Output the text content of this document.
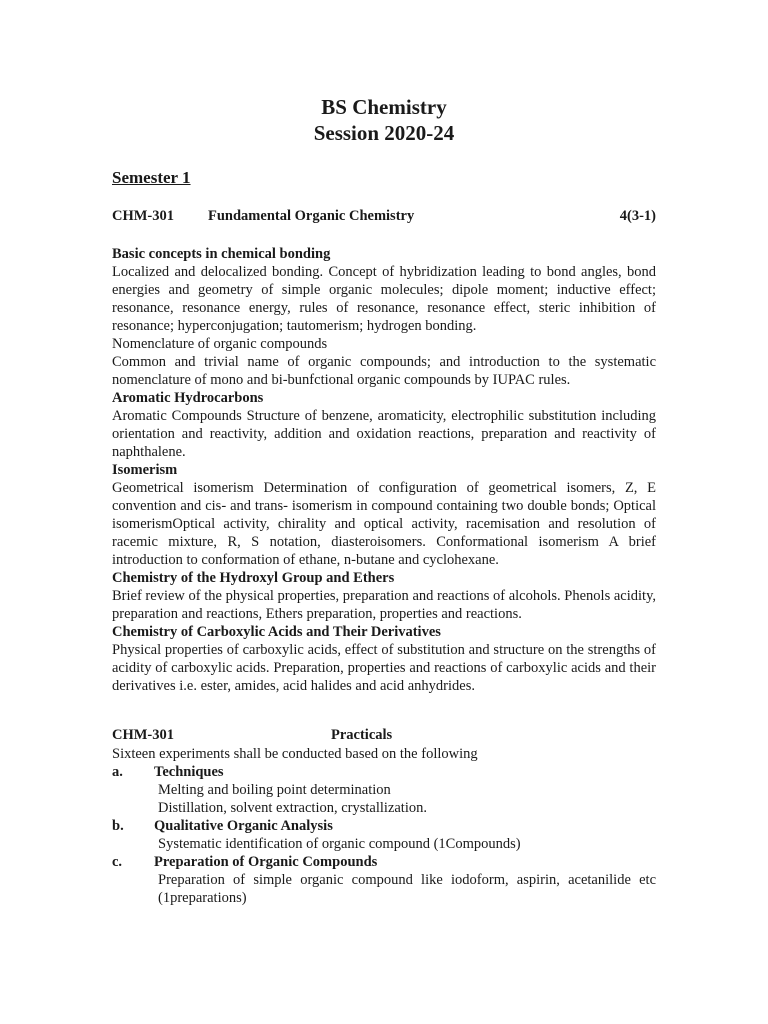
BS Chemistry
Session 2020-24
Semester 1
CHM-301 Fundamental Organic Chemistry	4(3-1)

Basic concepts in chemical bonding

Localized and delocalized bonding. Concept of hybridization leading to bond angles, bond energies and geometry of simple organic molecules; dipole moment; inductive effect; resonance, resonance energy, rules of resonance, resonance effect, steric inhibition of resonance; hyperconjugation; tautomerism; hydrogen bonding.

Nomenclature of organic compounds

Common and trivial name of organic compounds; and introduction to the systematic nomenclature of mono and bi-bunfctional organic compounds by IUPAC rules.

Aromatic Hydrocarbons

Aromatic Compounds Structure of benzene, aromaticity, electrophilic substitution including orientation and reactivity, addition and oxidation reactions, preparation and reactivity of naphthalene.

Isomerism

Geometrical isomerism Determination of configuration of geometrical isomers, Z, E convention and cis- and trans- isomerism in compound containing two double bonds; Optical isomerismOptical activity, chirality and optical activity, racemisation and resolution of racemic mixture, R, S notation, diasteroisomers. Conformational isomerism A brief introduction to conformation of ethane, n-butane and cyclohexane.

Chemistry of the Hydroxyl Group and Ethers

Brief review of the physical properties, preparation and reactions of alcohols. Phenols acidity, preparation and reactions, Ethers preparation, properties and reactions.

Chemistry of Carboxylic Acids and Their Derivatives

Physical properties of carboxylic acids, effect of substitution and structure on the strengths of acidity of carboxylic acids. Preparation, properties and reactions of carboxylic acids and their derivatives i.e. ester, amides, acid halides and acid anhydrides.

CHM-301	Practicals

Sixteen experiments shall be conducted based on the following

a. Techniques

Melting and boiling point determination

Distillation, solvent extraction, crystallization.

b. Qualitative Organic Analysis

Systematic identification of organic compound (1Compounds)

c. Preparation of Organic Compounds

Preparation of simple organic compound like iodoform, aspirin, acetanilide etc (1preparations)
